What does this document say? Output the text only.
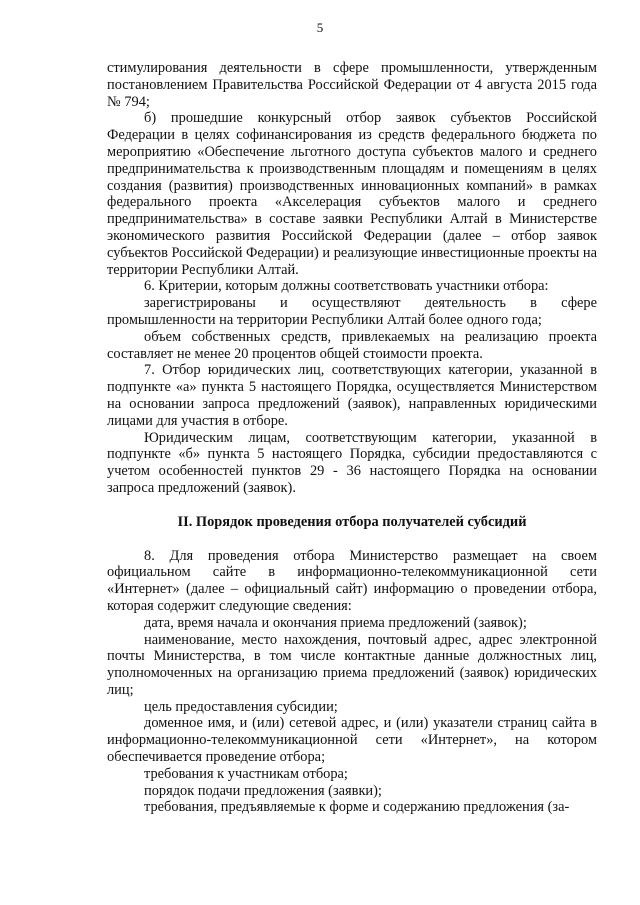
5

стимулирования деятельности в сфере промышленности, утвержденным постановлением Правительства Российской Федерации от 4 августа 2015 года № 794;

б) прошедшие конкурсный отбор заявок субъектов Российской Федерации в целях софинансирования из средств федерального бюджета по мероприятию «Обеспечение льготного доступа субъектов малого и среднего предпринимательства к производственным площадям и помещениям в целях создания (развития) производственных инновационных компаний» в рамках федерального проекта «Акселерация субъектов малого и среднего предпринимательства» в составе заявки Республики Алтай в Министерстве экономического развития Российской Федерации (далее – отбор заявок субъектов Российской Федерации) и реализующие инвестиционные проекты на территории Республики Алтай.

6. Критерии, которым должны соответствовать участники отбора:

зарегистрированы и осуществляют деятельность в сфере промышленности на территории Республики Алтай более одного года;

объем собственных средств, привлекаемых на реализацию проекта составляет не менее 20 процентов общей стоимости проекта.

7. Отбор юридических лиц, соответствующих категории, указанной в подпункте «а» пункта 5 настоящего Порядка, осуществляется Министерством на основании запроса предложений (заявок), направленных юридическими лицами для участия в отборе.

Юридическим лицам, соответствующим категории, указанной в подпункте «б» пункта 5 настоящего Порядка, субсидии предоставляются с учетом особенностей пунктов 29 - 36 настоящего Порядка на основании запроса предложений (заявок).

II. Порядок проведения отбора получателей субсидий

8. Для проведения отбора Министерство размещает на своем официальном сайте в информационно-телекоммуникационной сети «Интернет» (далее – официальный сайт) информацию о проведении отбора, которая содержит следующие сведения:

дата, время начала и окончания приема предложений (заявок);

наименование, место нахождения, почтовый адрес, адрес электронной почты Министерства, в том числе контактные данные должностных лиц, уполномоченных на организацию приема предложений (заявок) юридических лиц;

цель предоставления субсидии;

доменное имя, и (или) сетевой адрес, и (или) указатели страниц сайта в информационно-телекоммуникационной сети «Интернет», на котором обеспечивается проведение отбора;

требования к участникам отбора;

порядок подачи предложения (заявки);

требования, предъявляемые к форме и содержанию предложения (за-
